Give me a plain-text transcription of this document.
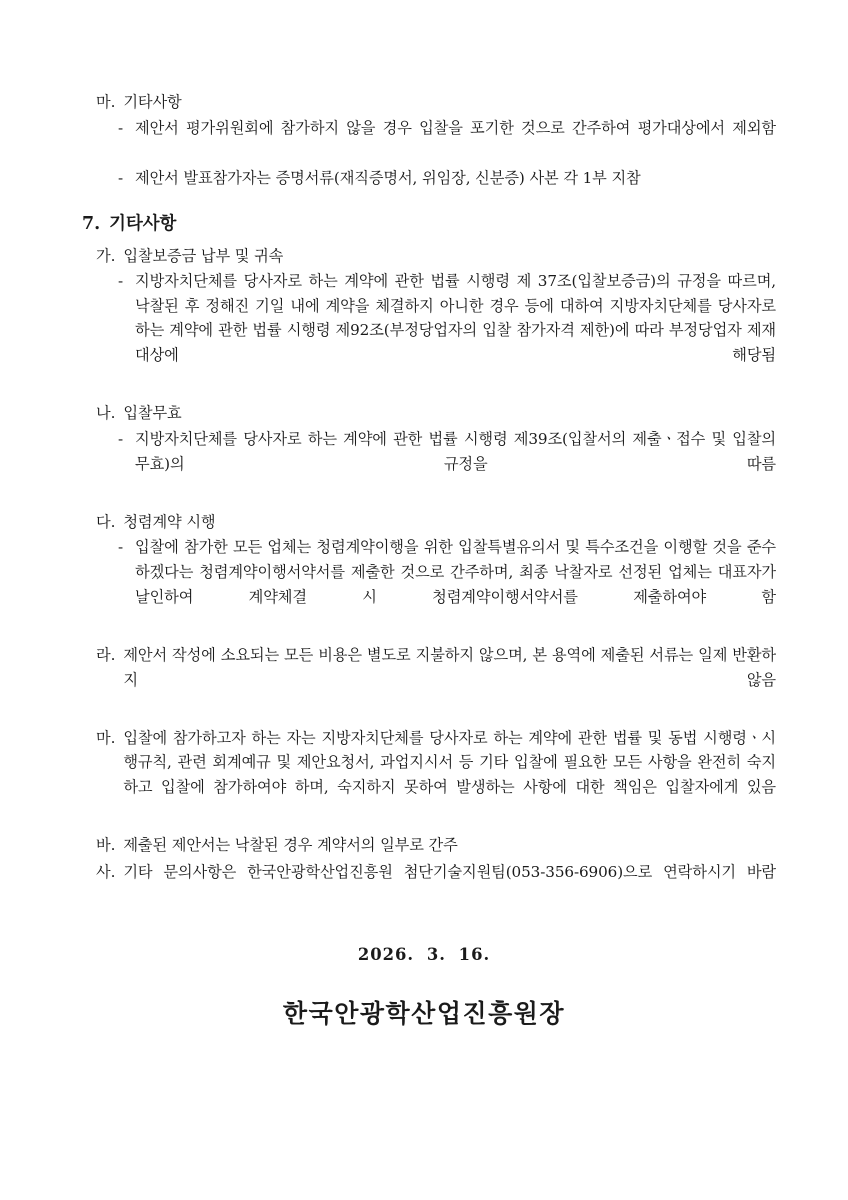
마. 기타사항
- 제안서 평가위원회에 참가하지 않을 경우 입찰을 포기한 것으로 간주하여 평가대상에서 제외함
- 제안서 발표참가자는 증명서류(재직증명서, 위임장, 신분증) 사본 각 1부 지참
7. 기타사항
가. 입찰보증금 납부 및 귀속
- 지방자치단체를 당사자로 하는 계약에 관한 법률 시행령 제 37조(입찰보증금)의 규정을 따르며, 낙찰된 후 정해진 기일 내에 계약을 체결하지 아니한 경우 등에 대하여 지방자치단체를 당사자로 하는 계약에 관한 법률 시행령 제92조(부정당업자의 입찰 참가자격 제한)에 따라 부정당업자 제재대상에 해당됨
나. 입찰무효
- 지방자치단체를 당사자로 하는 계약에 관한 법률 시행령 제39조(입찰서의 제출ㆍ접수 및 입찰의 무효)의 규정을 따름
다. 청렴계약 시행
- 입찰에 참가한 모든 업체는 청렴계약이행을 위한 입찰특별유의서 및 특수조건을 이행할 것을 준수하겠다는 청렴계약이행서약서를 제출한 것으로 간주하며, 최종 낙찰자로 선정된 업체는 대표자가 날인하여 계약체결 시 청렴계약이행서약서를 제출하여야 함
라. 제안서 작성에 소요되는 모든 비용은 별도로 지불하지 않으며, 본 용역에 제출된 서류는 일제 반환하지 않음
마. 입찰에 참가하고자 하는 자는 지방자치단체를 당사자로 하는 계약에 관한 법률 및 동법 시행령ㆍ시행규칙, 관련 회계예규 및 제안요청서, 과업지시서 등 기타 입찰에 필요한 모든 사항을 완전히 숙지하고 입찰에 참가하여야 하며, 숙지하지 못하여 발생하는 사항에 대한 책임은 입찰자에게 있음
바. 제출된 제안서는 낙찰된 경우 계약서의 일부로 간주
사. 기타 문의사항은 한국안광학산업진흥원 첨단기술지원팀(053-356-6906)으로 연락하시기 바람
2026. 3. 16.
한국안광학산업진흥원장
